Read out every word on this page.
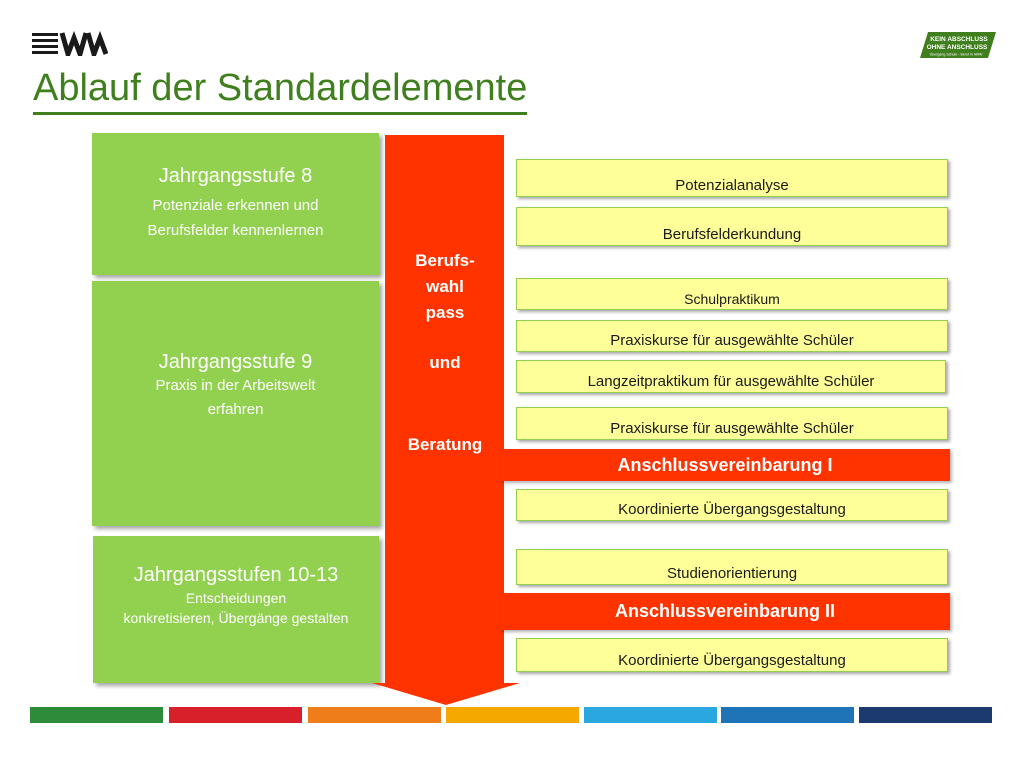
KEIN ABSCHLUSS
OHNE ANSCHLUSS
Übergang Schule - Beruf in NRW
Ablauf der Standardelemente
Jahrgangsstufe 8
Potenziale erkennen und
Berufsfelder kennenlernen
Jahrgangsstufe 9
Praxis in der Arbeitswelt
erfahren
Jahrgangsstufen 10-13
Entscheidungen
konkretisieren, Übergänge gestalten
Berufs-
wahl
pass
und
Beratung
Anschlussvereinbarung I
Anschlussvereinbarung II
Potenzialanalyse
Berufsfelderkundung
Schulpraktikum
Praxiskurse für ausgewählte Schüler
Langzeitpraktikum für ausgewählte Schüler
Praxiskurse für ausgewählte Schüler
Koordinierte Übergangsgestaltung
Studienorientierung
Koordinierte Übergangsgestaltung
